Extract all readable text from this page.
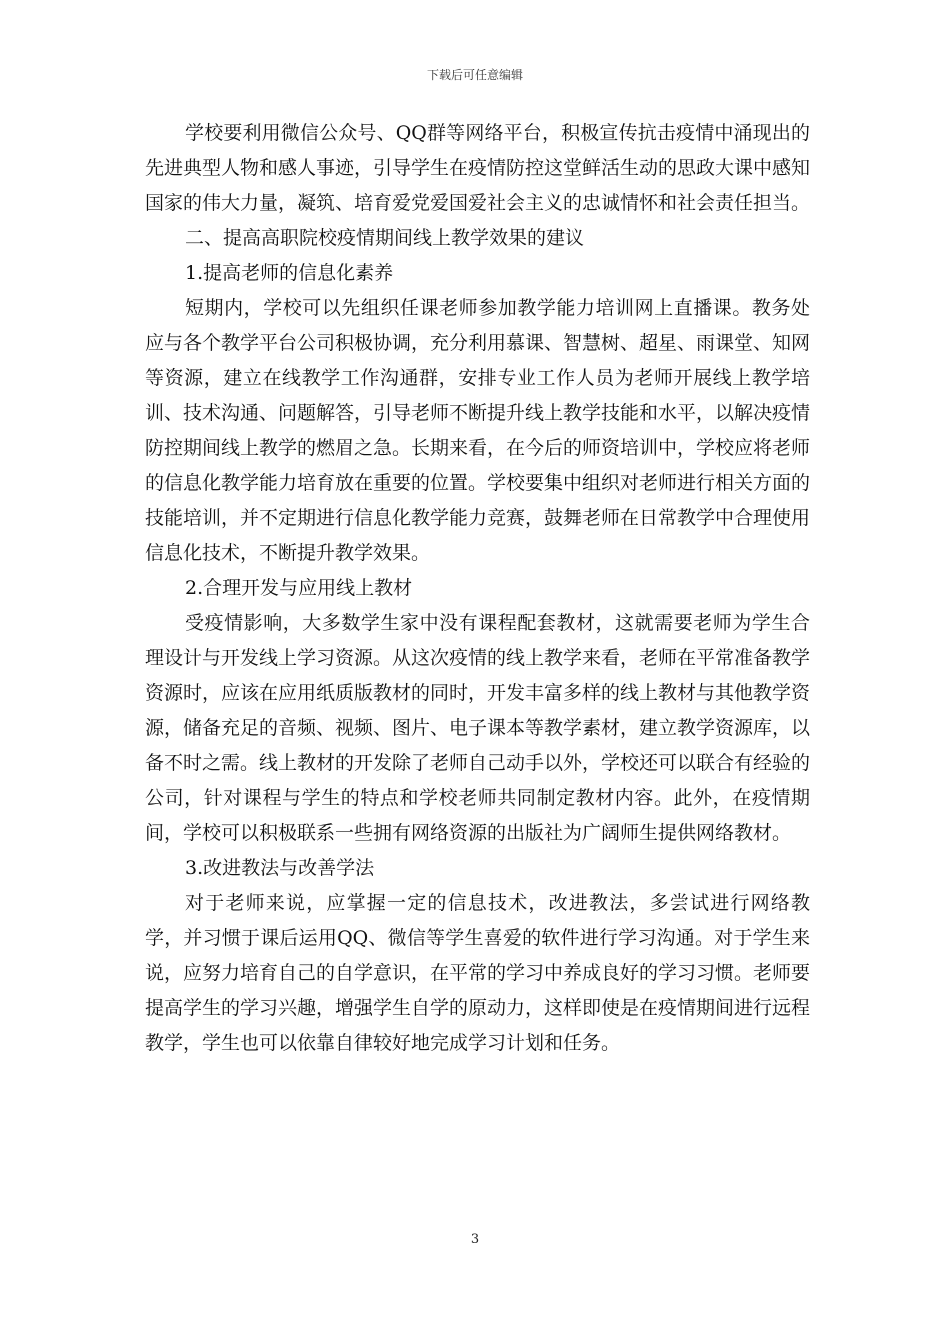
下载后可任意编辑

学校要利用微信公众号、QQ群等网络平台，积极宣传抗击疫情中涌现出的先进典型人物和感人事迹，引导学生在疫情防控这堂鲜活生动的思政大课中感知国家的伟大力量，凝筑、培育爱党爱国爱社会主义的忠诚情怀和社会责任担当。

二、提高高职院校疫情期间线上教学效果的建议

1.提高老师的信息化素养

短期内，学校可以先组织任课老师参加教学能力培训网上直播课。教务处应与各个教学平台公司积极协调，充分利用慕课、智慧树、超星、雨课堂、知网等资源，建立在线教学工作沟通群，安排专业工作人员为老师开展线上教学培训、技术沟通、问题解答，引导老师不断提升线上教学技能和水平，以解决疫情防控期间线上教学的燃眉之急。长期来看，在今后的师资培训中，学校应将老师的信息化教学能力培育放在重要的位置。学校要集中组织对老师进行相关方面的技能培训，并不定期进行信息化教学能力竞赛，鼓舞老师在日常教学中合理使用信息化技术，不断提升教学效果。

2.合理开发与应用线上教材

受疫情影响，大多数学生家中没有课程配套教材，这就需要老师为学生合理设计与开发线上学习资源。从这次疫情的线上教学来看，老师在平常准备教学资源时，应该在应用纸质版教材的同时，开发丰富多样的线上教材与其他教学资源，储备充足的音频、视频、图片、电子课本等教学素材，建立教学资源库，以备不时之需。线上教材的开发除了老师自己动手以外，学校还可以联合有经验的公司，针对课程与学生的特点和学校老师共同制定教材内容。此外，在疫情期间，学校可以积极联系一些拥有网络资源的出版社为广阔师生提供网络教材。

3.改进教法与改善学法

对于老师来说，应掌握一定的信息技术，改进教法，多尝试进行网络教学，并习惯于课后运用QQ、微信等学生喜爱的软件进行学习沟通。对于学生来说，应努力培育自己的自学意识，在平常的学习中养成良好的学习习惯。老师要提高学生的学习兴趣，增强学生自学的原动力，这样即使是在疫情期间进行远程教学，学生也可以依靠自律较好地完成学习计划和任务。

3
